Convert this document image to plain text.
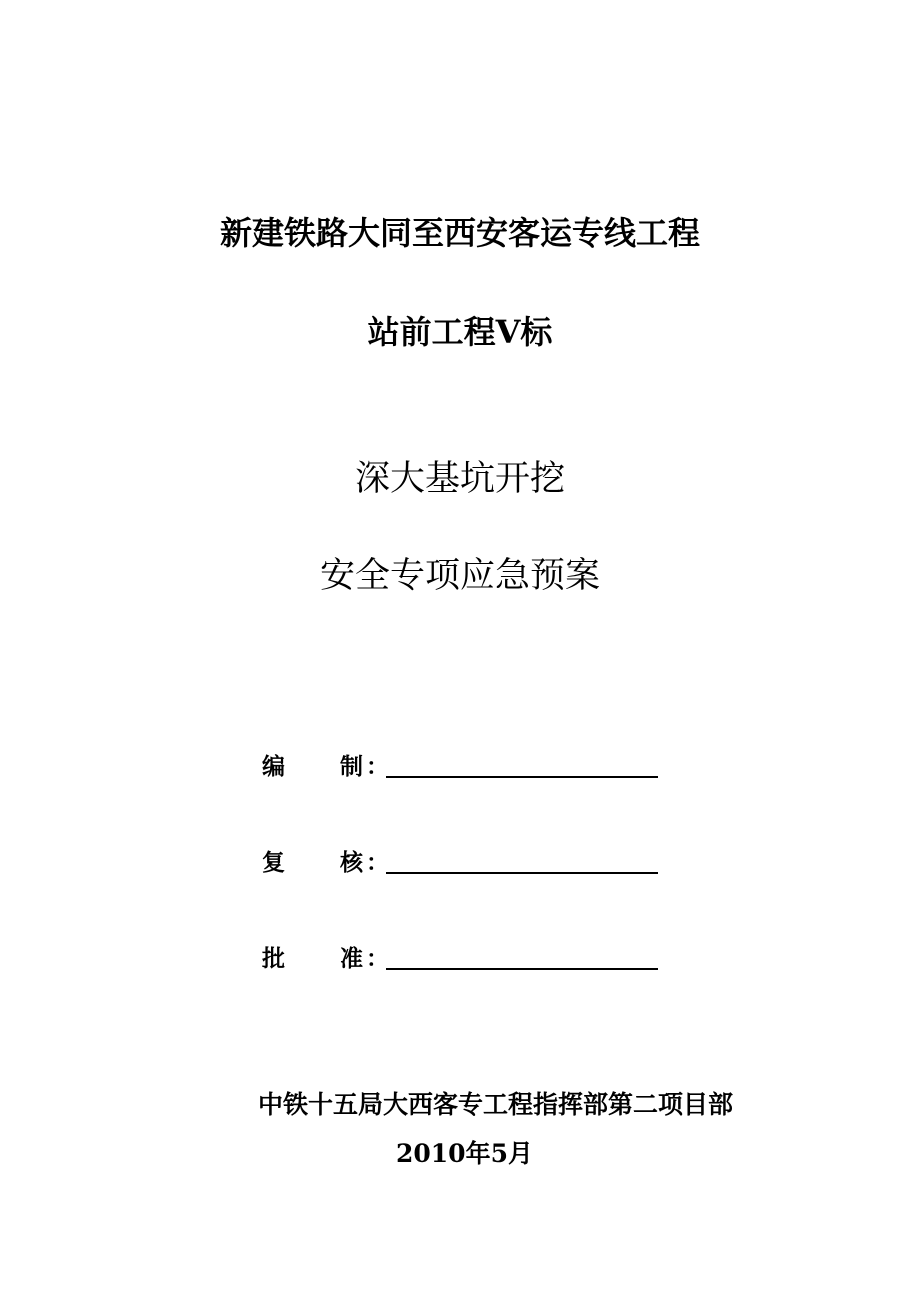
新建铁路大同至西安客运专线工程
站前工程V标
深大基坑开挖
安全专项应急预案
编 制 ：
复 核 ：
批 准 ：
中铁十五局大西客专工程指挥部第二项目部
2010年5月
